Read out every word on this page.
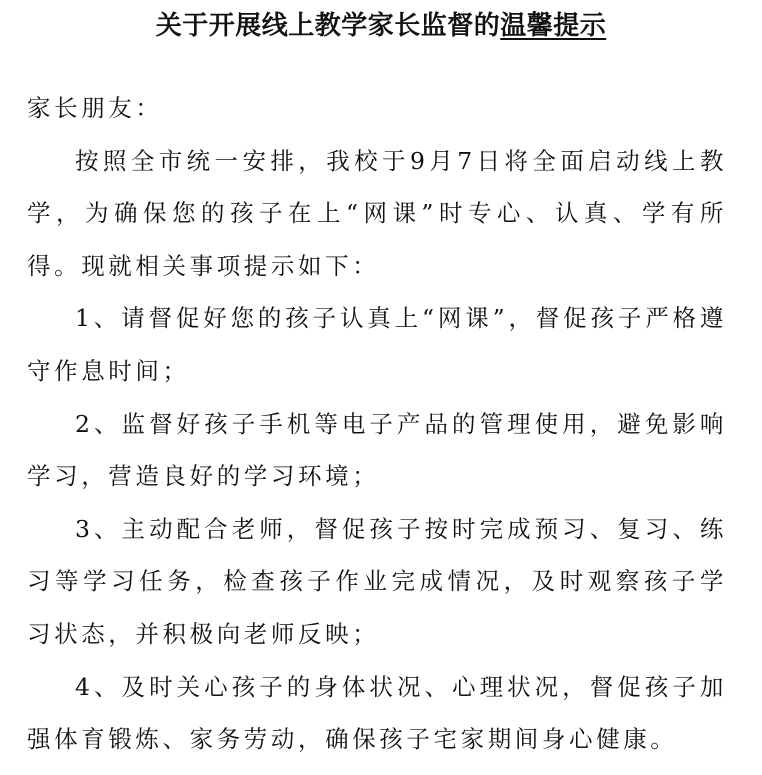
关于开展线上教学家长监督的温馨提示

家长朋友：

按照全市统一安排，我校于9月7日将全面启动线上教学，为确保您的孩子在上“网课”时专心、认真、学有所得。现就相关事项提示如下：

1、请督促好您的孩子认真上“网课”，督促孩子严格遵守作息时间；

2、监督好孩子手机等电子产品的管理使用，避免影响学习，营造良好的学习环境；

3、主动配合老师，督促孩子按时完成预习、复习、练习等学习任务，检查孩子作业完成情况，及时观察孩子学习状态，并积极向老师反映；

4、及时关心孩子的身体状况、心理状况，督促孩子加强体育锻炼、家务劳动，确保孩子宅家期间身心健康。
